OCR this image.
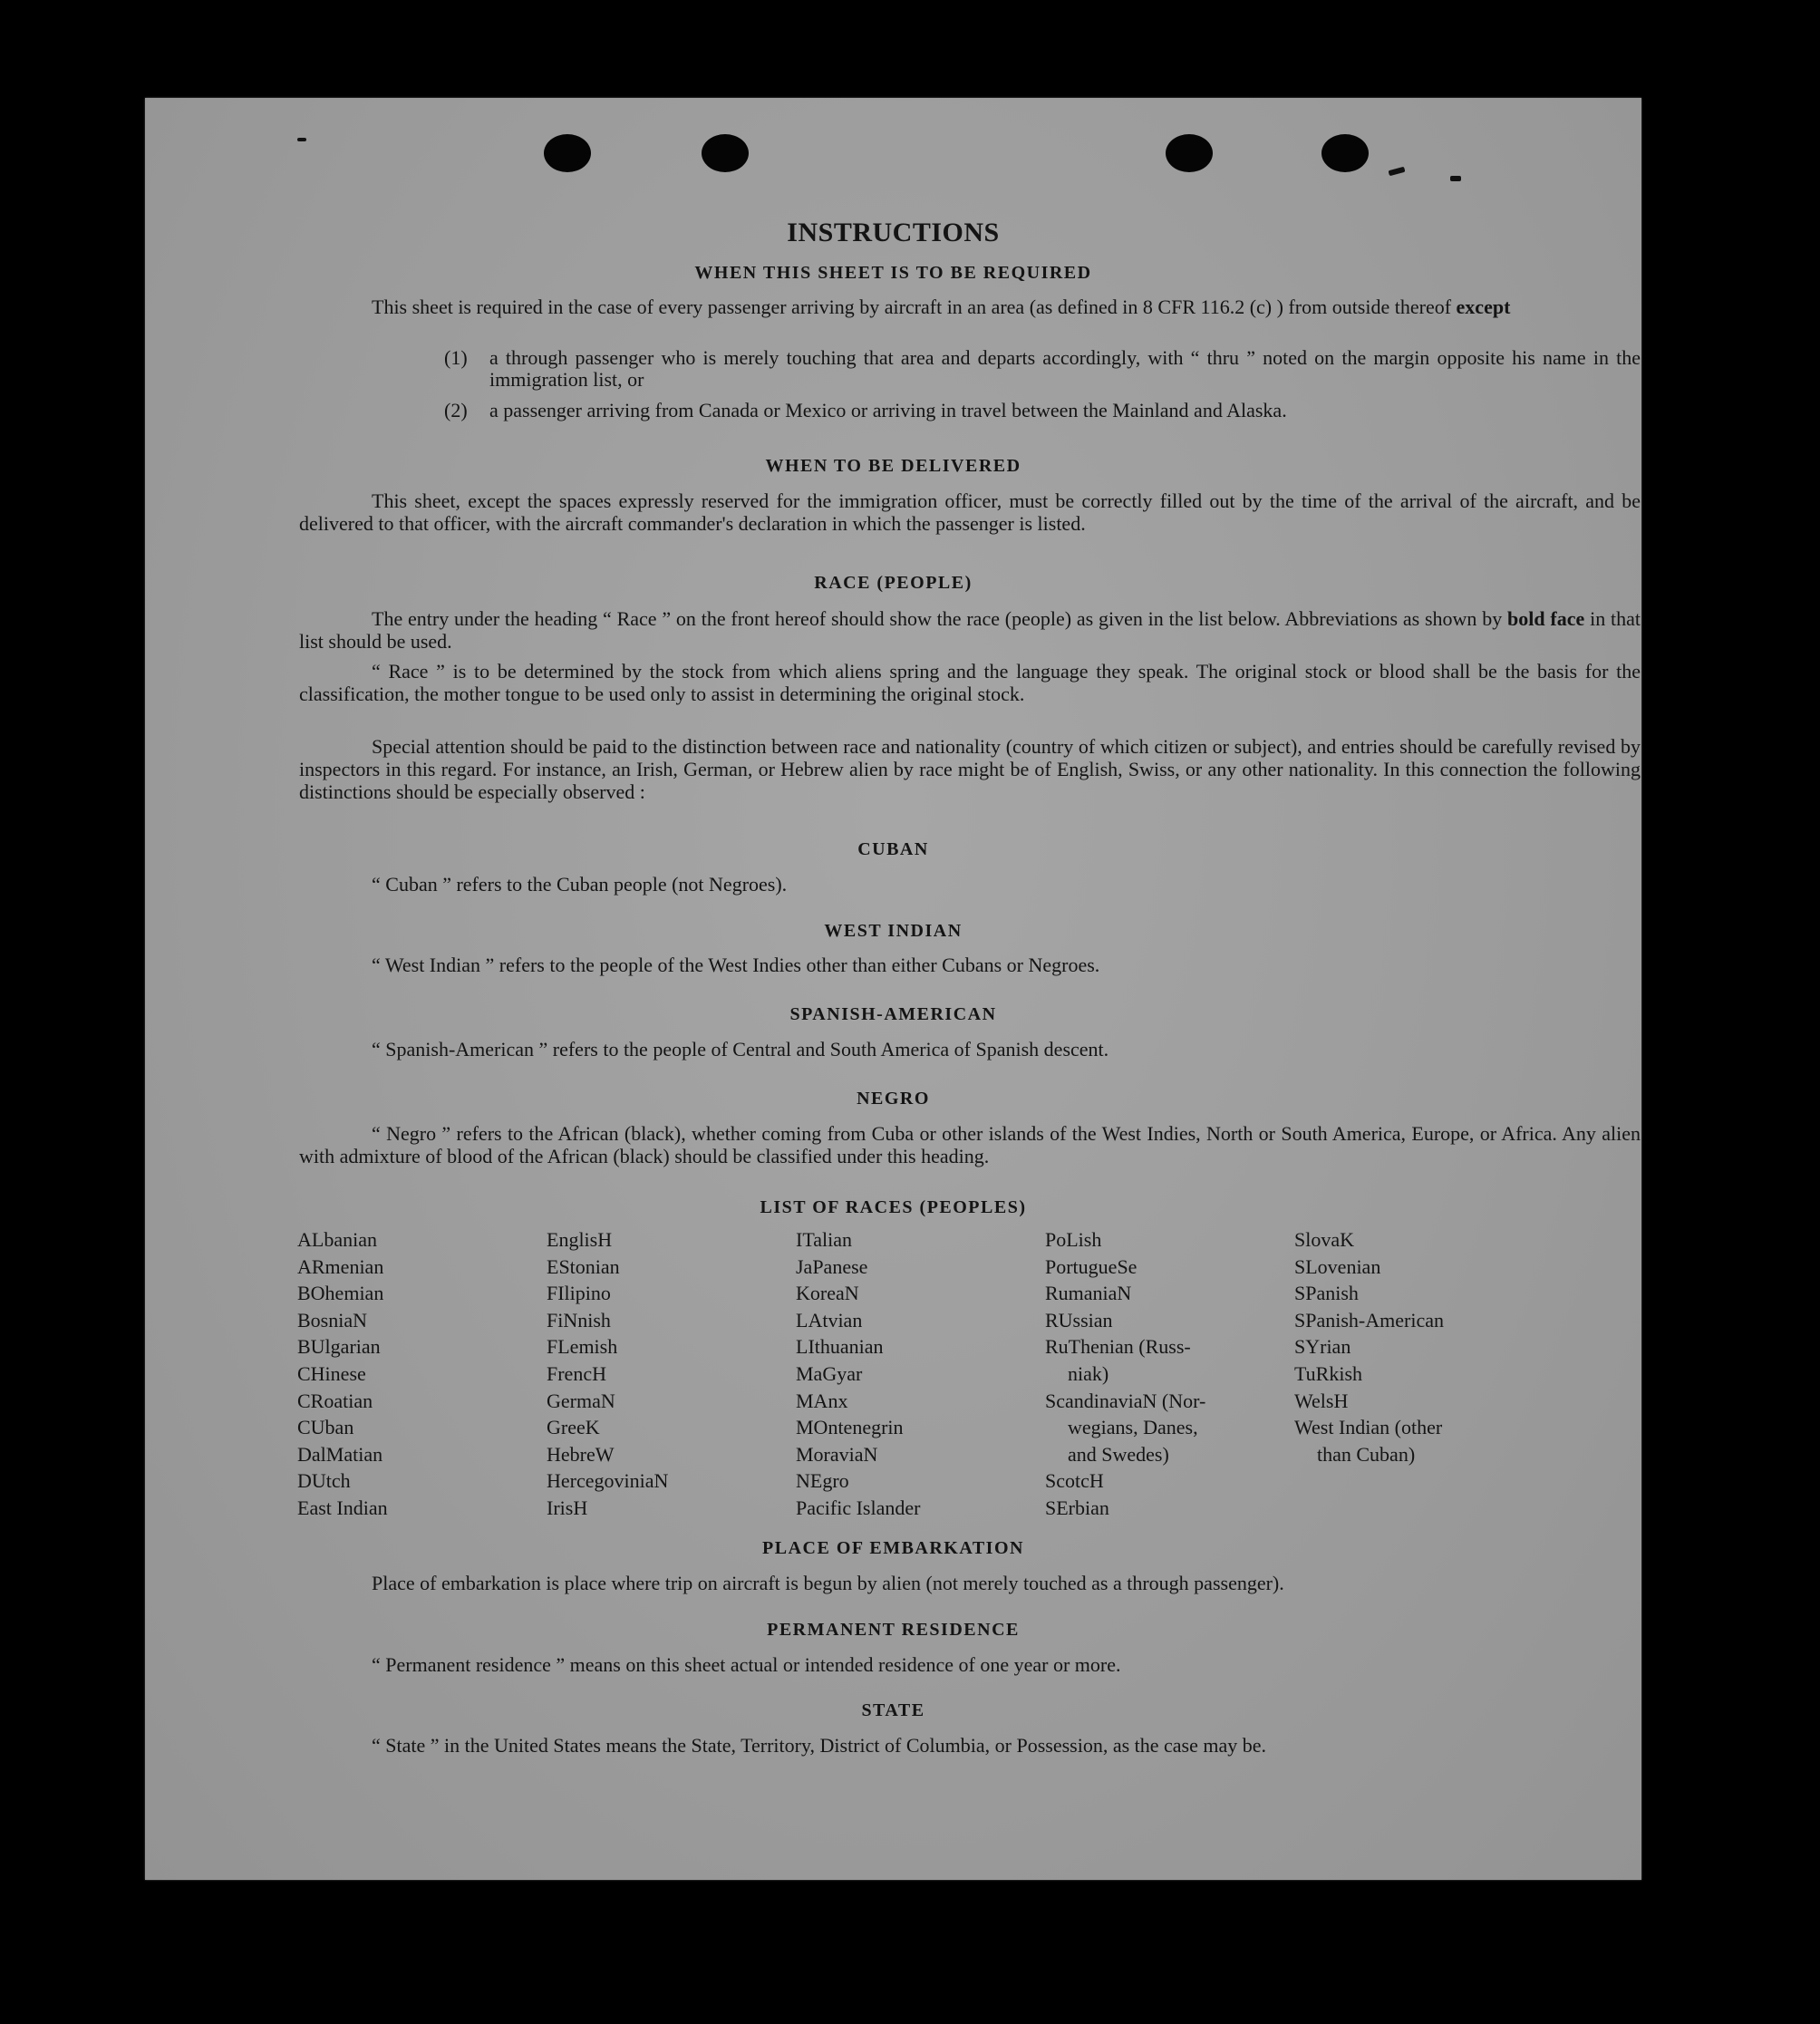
INSTRUCTIONS
WHEN THIS SHEET IS TO BE REQUIRED
This sheet is required in the case of every passenger arriving by aircraft in an area (as defined in 8 CFR 116.2 (c) ) from outside thereof except
(1) a through passenger who is merely touching that area and departs accordingly, with “ thru ” noted on the margin opposite his name in the immigration list, or
(2) a passenger arriving from Canada or Mexico or arriving in travel between the Mainland and Alaska.
WHEN TO BE DELIVERED
This sheet, except the spaces expressly reserved for the immigration officer, must be correctly filled out by the time of the arrival of the aircraft, and be delivered to that officer, with the aircraft commander's declaration in which the passenger is listed.
RACE (PEOPLE)
The entry under the heading “ Race ” on the front hereof should show the race (people) as given in the list below. Abbreviations as shown by bold face in that list should be used.
“ Race ” is to be determined by the stock from which aliens spring and the language they speak. The original stock or blood shall be the basis for the classification, the mother tongue to be used only to assist in determining the original stock.
Special attention should be paid to the distinction between race and nationality (country of which citizen or subject), and entries should be carefully revised by inspectors in this regard. For instance, an Irish, German, or Hebrew alien by race might be of English, Swiss, or any other nationality. In this connection the following distinctions should be especially observed :
CUBAN
“ Cuban ” refers to the Cuban people (not Negroes).
WEST INDIAN
“ West Indian ” refers to the people of the West Indies other than either Cubans or Negroes.
SPANISH-AMERICAN
“ Spanish-American ” refers to the people of Central and South America of Spanish descent.
NEGRO
“ Negro ” refers to the African (black), whether coming from Cuba or other islands of the West Indies, North or South America, Europe, or Africa. Any alien with admixture of blood of the African (black) should be classified under this heading.
LIST OF RACES (PEOPLES)
ALbanian
ARmenian
BOhemian
BosniaN
BUlgarian
CHinese
CRoatian
CUban
DalMatian
DUtch
East Indian
EnglisH
EStonian
FIlipino
FiNnish
FLemish
FrencH
GermaN
GreeK
HebreW
HercegoviniaN
IrisH
ITalian
JaPanese
KoreaN
LAtvian
LIthuanian
MaGyar
MAnx
MOntenegrin
MoraviaN
NEgro
Pacific Islander
PoLish
PortugueSe
RumaniaN
RUssian
RuThenian (Russ-
niak)
ScandinaviaN (Nor-
wegians, Danes,
and Swedes)
ScotcH
SErbian
SlovaK
SLovenian
SPanish
SPanish-American
SYrian
TuRkish
WelsH
West Indian (other
than Cuban)
PLACE OF EMBARKATION
Place of embarkation is place where trip on aircraft is begun by alien (not merely touched as a through passenger).
PERMANENT RESIDENCE
“ Permanent residence ” means on this sheet actual or intended residence of one year or more.
STATE
“ State ” in the United States means the State, Territory, District of Columbia, or Possession, as the case may be.
